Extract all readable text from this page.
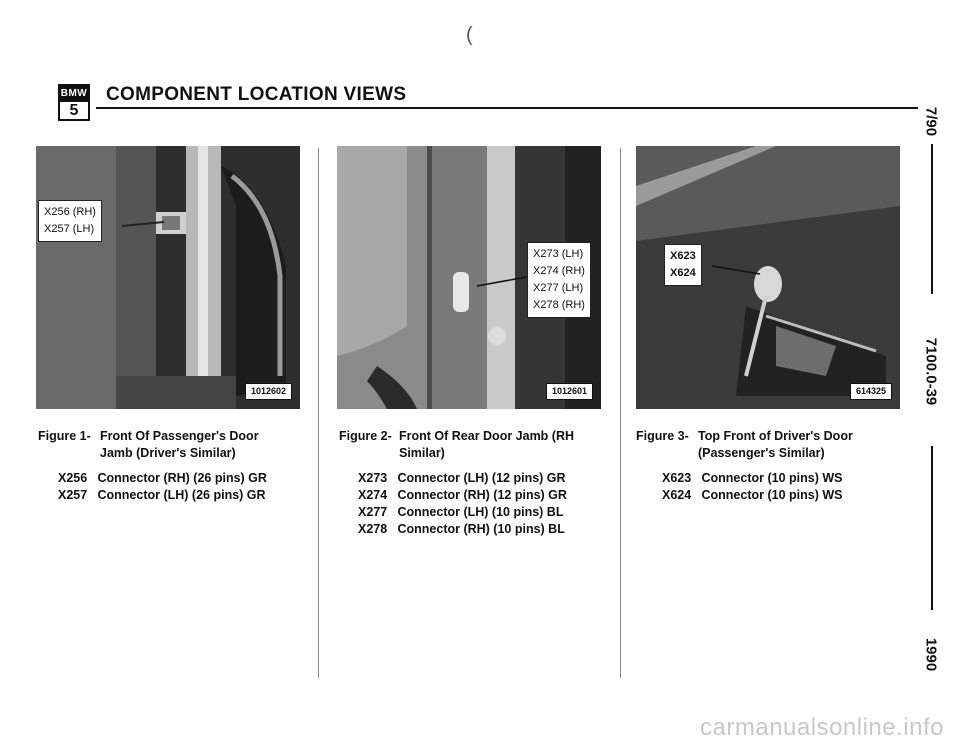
(
BMW
5
COMPONENT LOCATION VIEWS
X256 (RH)
X257 (LH)
1012602
X273 (LH)
X274 (RH)
X277 (LH)
X278 (RH)
1012601
X623
X624
614325
Figure 1- Front Of Passenger's Door Jamb (Driver's Similar)
Figure 2- Front Of Rear Door Jamb (RH Similar)
Figure 3- Top Front of Driver's Door (Passenger's Similar)
X256 Connector (RH) (26 pins) GR
X257 Connector (LH) (26 pins) GR
X273 Connector (LH) (12 pins) GR
X274 Connector (RH) (12 pins) GR
X277 Connector (LH) (10 pins) BL
X278 Connector (RH) (10 pins) BL
X623 Connector (10 pins) WS
X624 Connector (10 pins) WS
7/90
7100.0-39
1990
carmanualsonline.info
